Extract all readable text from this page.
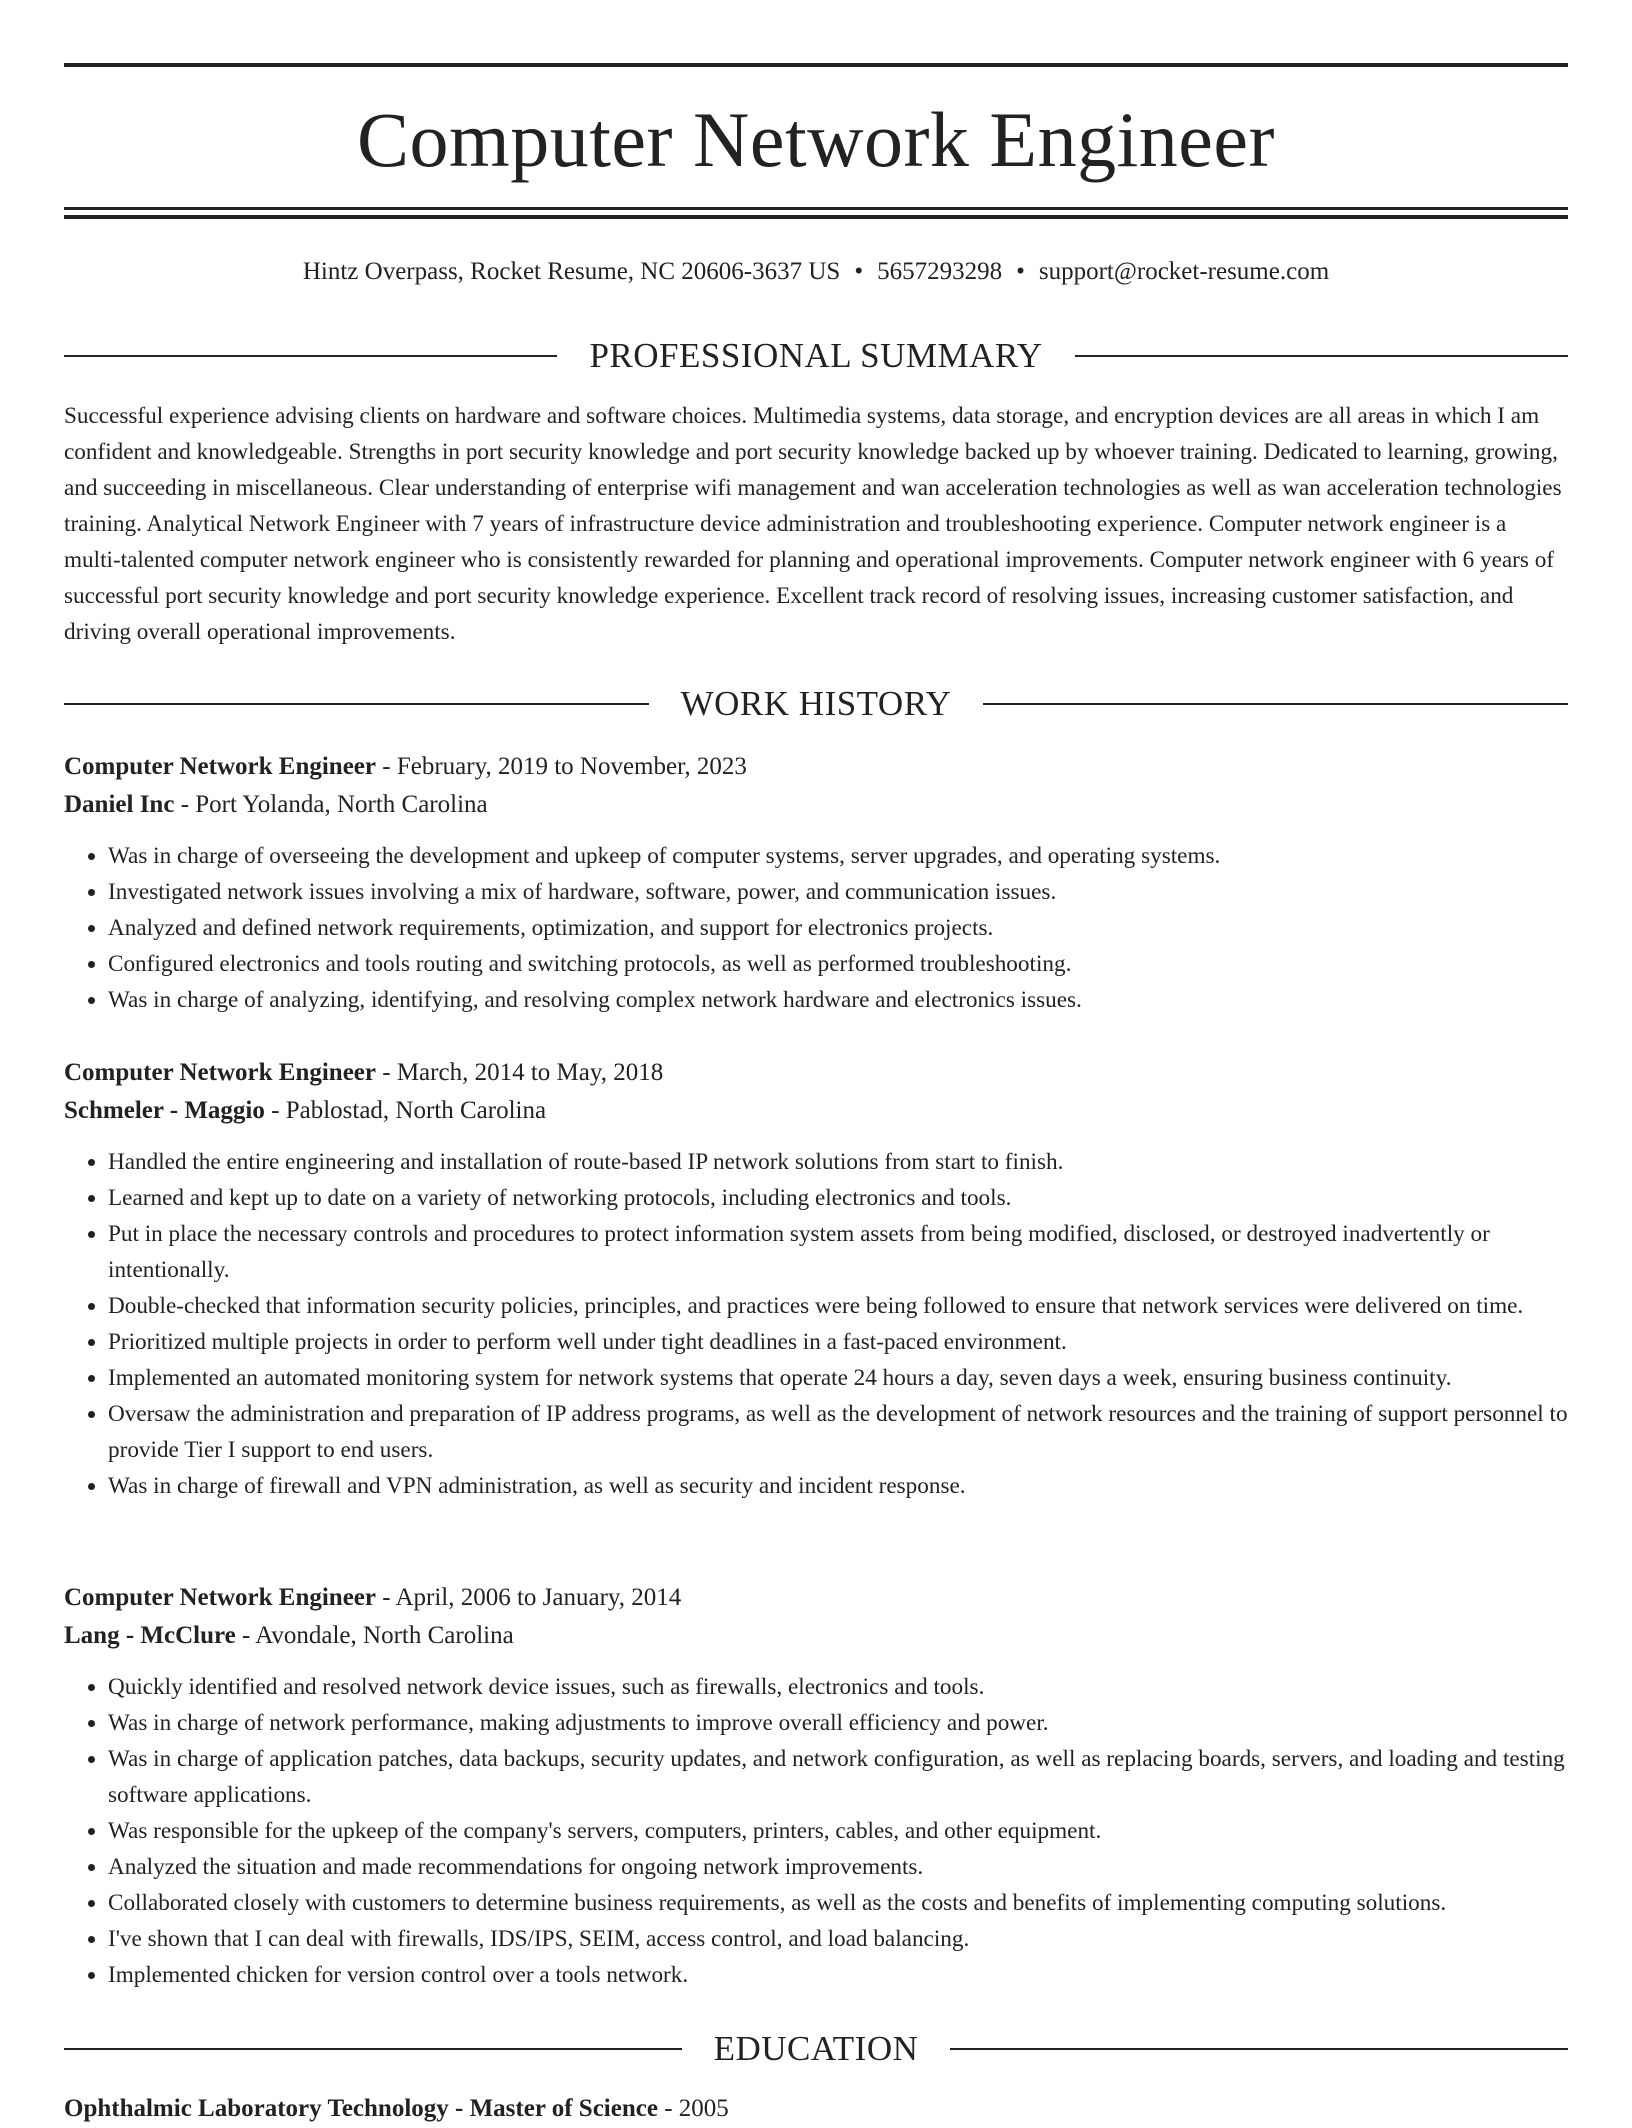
Computer Network Engineer
Hintz Overpass, Rocket Resume, NC 20606-3637 US • 5657293298 • support@rocket-resume.com
PROFESSIONAL SUMMARY

Successful experience advising clients on hardware and software choices. Multimedia systems, data storage, and encryption devices are all areas in which I am confident and knowledgeable. Strengths in port security knowledge and port security knowledge backed up by whoever training. Dedicated to learning, growing, and succeeding in miscellaneous. Clear understanding of enterprise wifi management and wan acceleration technologies as well as wan acceleration technologies training. Analytical Network Engineer with 7 years of infrastructure device administration and troubleshooting experience. Computer network engineer is a multi-talented computer network engineer who is consistently rewarded for planning and operational improvements. Computer network engineer with 6 years of successful port security knowledge and port security knowledge experience. Excellent track record of resolving issues, increasing customer satisfaction, and driving overall operational improvements.

WORK HISTORY
Computer Network Engineer - February, 2019 to November, 2023
Daniel Inc - Port Yolanda, North Carolina
• Was in charge of overseeing the development and upkeep of computer systems, server upgrades, and operating systems.
• Investigated network issues involving a mix of hardware, software, power, and communication issues.
• Analyzed and defined network requirements, optimization, and support for electronics projects.
• Configured electronics and tools routing and switching protocols, as well as performed troubleshooting.
• Was in charge of analyzing, identifying, and resolving complex network hardware and electronics issues.
Computer Network Engineer - March, 2014 to May, 2018
Schmeler - Maggio - Pablostad, North Carolina
• Handled the entire engineering and installation of route-based IP network solutions from start to finish.
• Learned and kept up to date on a variety of networking protocols, including electronics and tools.
• Put in place the necessary controls and procedures to protect information system assets from being modified, disclosed, or destroyed inadvertently or intentionally.
• Double-checked that information security policies, principles, and practices were being followed to ensure that network services were delivered on time.
• Prioritized multiple projects in order to perform well under tight deadlines in a fast-paced environment.
• Implemented an automated monitoring system for network systems that operate 24 hours a day, seven days a week, ensuring business continuity.
• Oversaw the administration and preparation of IP address programs, as well as the development of network resources and the training of support personnel to provide Tier I support to end users.
• Was in charge of firewall and VPN administration, as well as security and incident response.
Computer Network Engineer - April, 2006 to January, 2014
Lang - McClure - Avondale, North Carolina
• Quickly identified and resolved network device issues, such as firewalls, electronics and tools.
• Was in charge of network performance, making adjustments to improve overall efficiency and power.
• Was in charge of application patches, data backups, security updates, and network configuration, as well as replacing boards, servers, and loading and testing software applications.
• Was responsible for the upkeep of the company's servers, computers, printers, cables, and other equipment.
• Analyzed the situation and made recommendations for ongoing network improvements.
• Collaborated closely with customers to determine business requirements, as well as the costs and benefits of implementing computing solutions.
• I've shown that I can deal with firewalls, IDS/IPS, SEIM, access control, and load balancing.
• Implemented chicken for version control over a tools network.
EDUCATION
Ophthalmic Laboratory Technology - Master of Science - 2005
